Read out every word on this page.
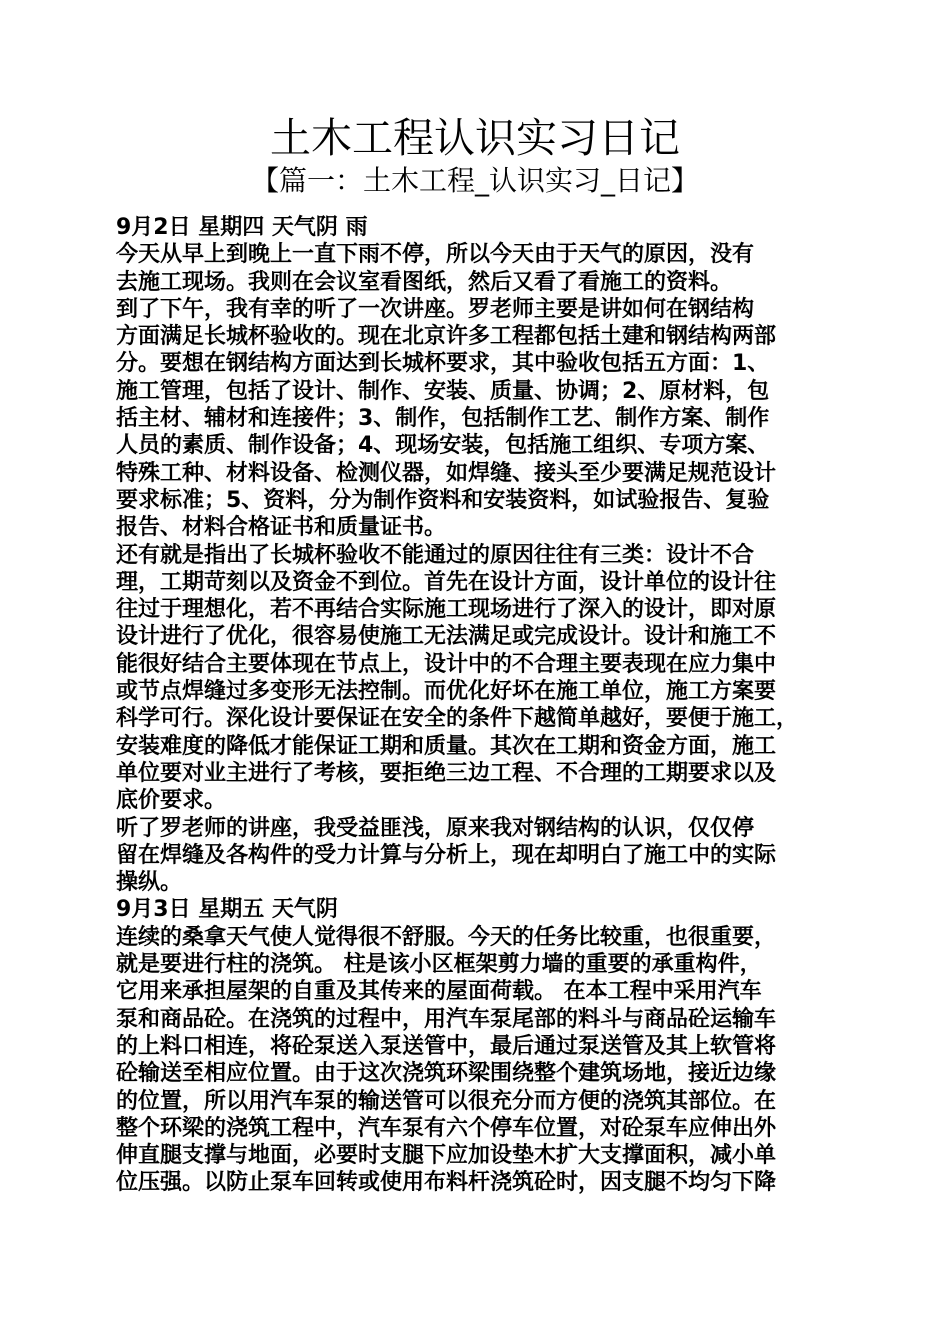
土木工程认识实习日记
【篇一：土木工程_认识实习_日记】
9月2日 星期四 天气阴 雨
今天从早上到晚上一直下雨不停，所以今天由于天气的原因，没有
去施工现场。我则在会议室看图纸，然后又看了看施工的资料。
到了下午，我有幸的听了一次讲座。罗老师主要是讲如何在钢结构
方面满足长城杯验收的。现在北京许多工程都包括土建和钢结构两部
分。要想在钢结构方面达到长城杯要求，其中验收包括五方面：1、
施工管理，包括了设计、制作、安装、质量、协调；2、原材料，包
括主材、辅材和连接件；3、制作，包括制作工艺、制作方案、制作
人员的素质、制作设备；4、现场安装，包括施工组织、专项方案、
特殊工种、材料设备、检测仪器，如焊缝、接头至少要满足规范设计
要求标准；5、资料，分为制作资料和安装资料，如试验报告、复验
报告、材料合格证书和质量证书。
还有就是指出了长城杯验收不能通过的原因往往有三类：设计不合
理，工期苛刻以及资金不到位。首先在设计方面，设计单位的设计往
往过于理想化，若不再结合实际施工现场进行了深入的设计，即对原
设计进行了优化，很容易使施工无法满足或完成设计。设计和施工不
能很好结合主要体现在节点上，设计中的不合理主要表现在应力集中
或节点焊缝过多变形无法控制。而优化好坏在施工单位，施工方案要
科学可行。深化设计要保证在安全的条件下越简单越好，要便于施工，
安装难度的降低才能保证工期和质量。其次在工期和资金方面，施工
单位要对业主进行了考核，要拒绝三边工程、不合理的工期要求以及
底价要求。
听了罗老师的讲座，我受益匪浅，原来我对钢结构的认识，仅仅停
留在焊缝及各构件的受力计算与分析上，现在却明白了施工中的实际
操纵。
9月3日 星期五 天气阴
连续的桑拿天气使人觉得很不舒服。今天的任务比较重，也很重要，
就是要进行柱的浇筑。 柱是该小区框架剪力墙的重要的承重构件，
它用来承担屋架的自重及其传来的屋面荷载。 在本工程中采用汽车
泵和商品砼。在浇筑的过程中，用汽车泵尾部的料斗与商品砼运输车
的上料口相连，将砼泵送入泵送管中，最后通过泵送管及其上软管将
砼输送至相应位置。由于这次浇筑环梁围绕整个建筑场地，接近边缘
的位置，所以用汽车泵的输送管可以很充分而方便的浇筑其部位。在
整个环梁的浇筑工程中，汽车泵有六个停车位置，对砼泵车应伸出外
伸直腿支撑与地面，必要时支腿下应加设垫木扩大支撑面积，减小单
位压强。以防止泵车回转或使用布料杆浇筑砼时，因支腿不均匀下降
